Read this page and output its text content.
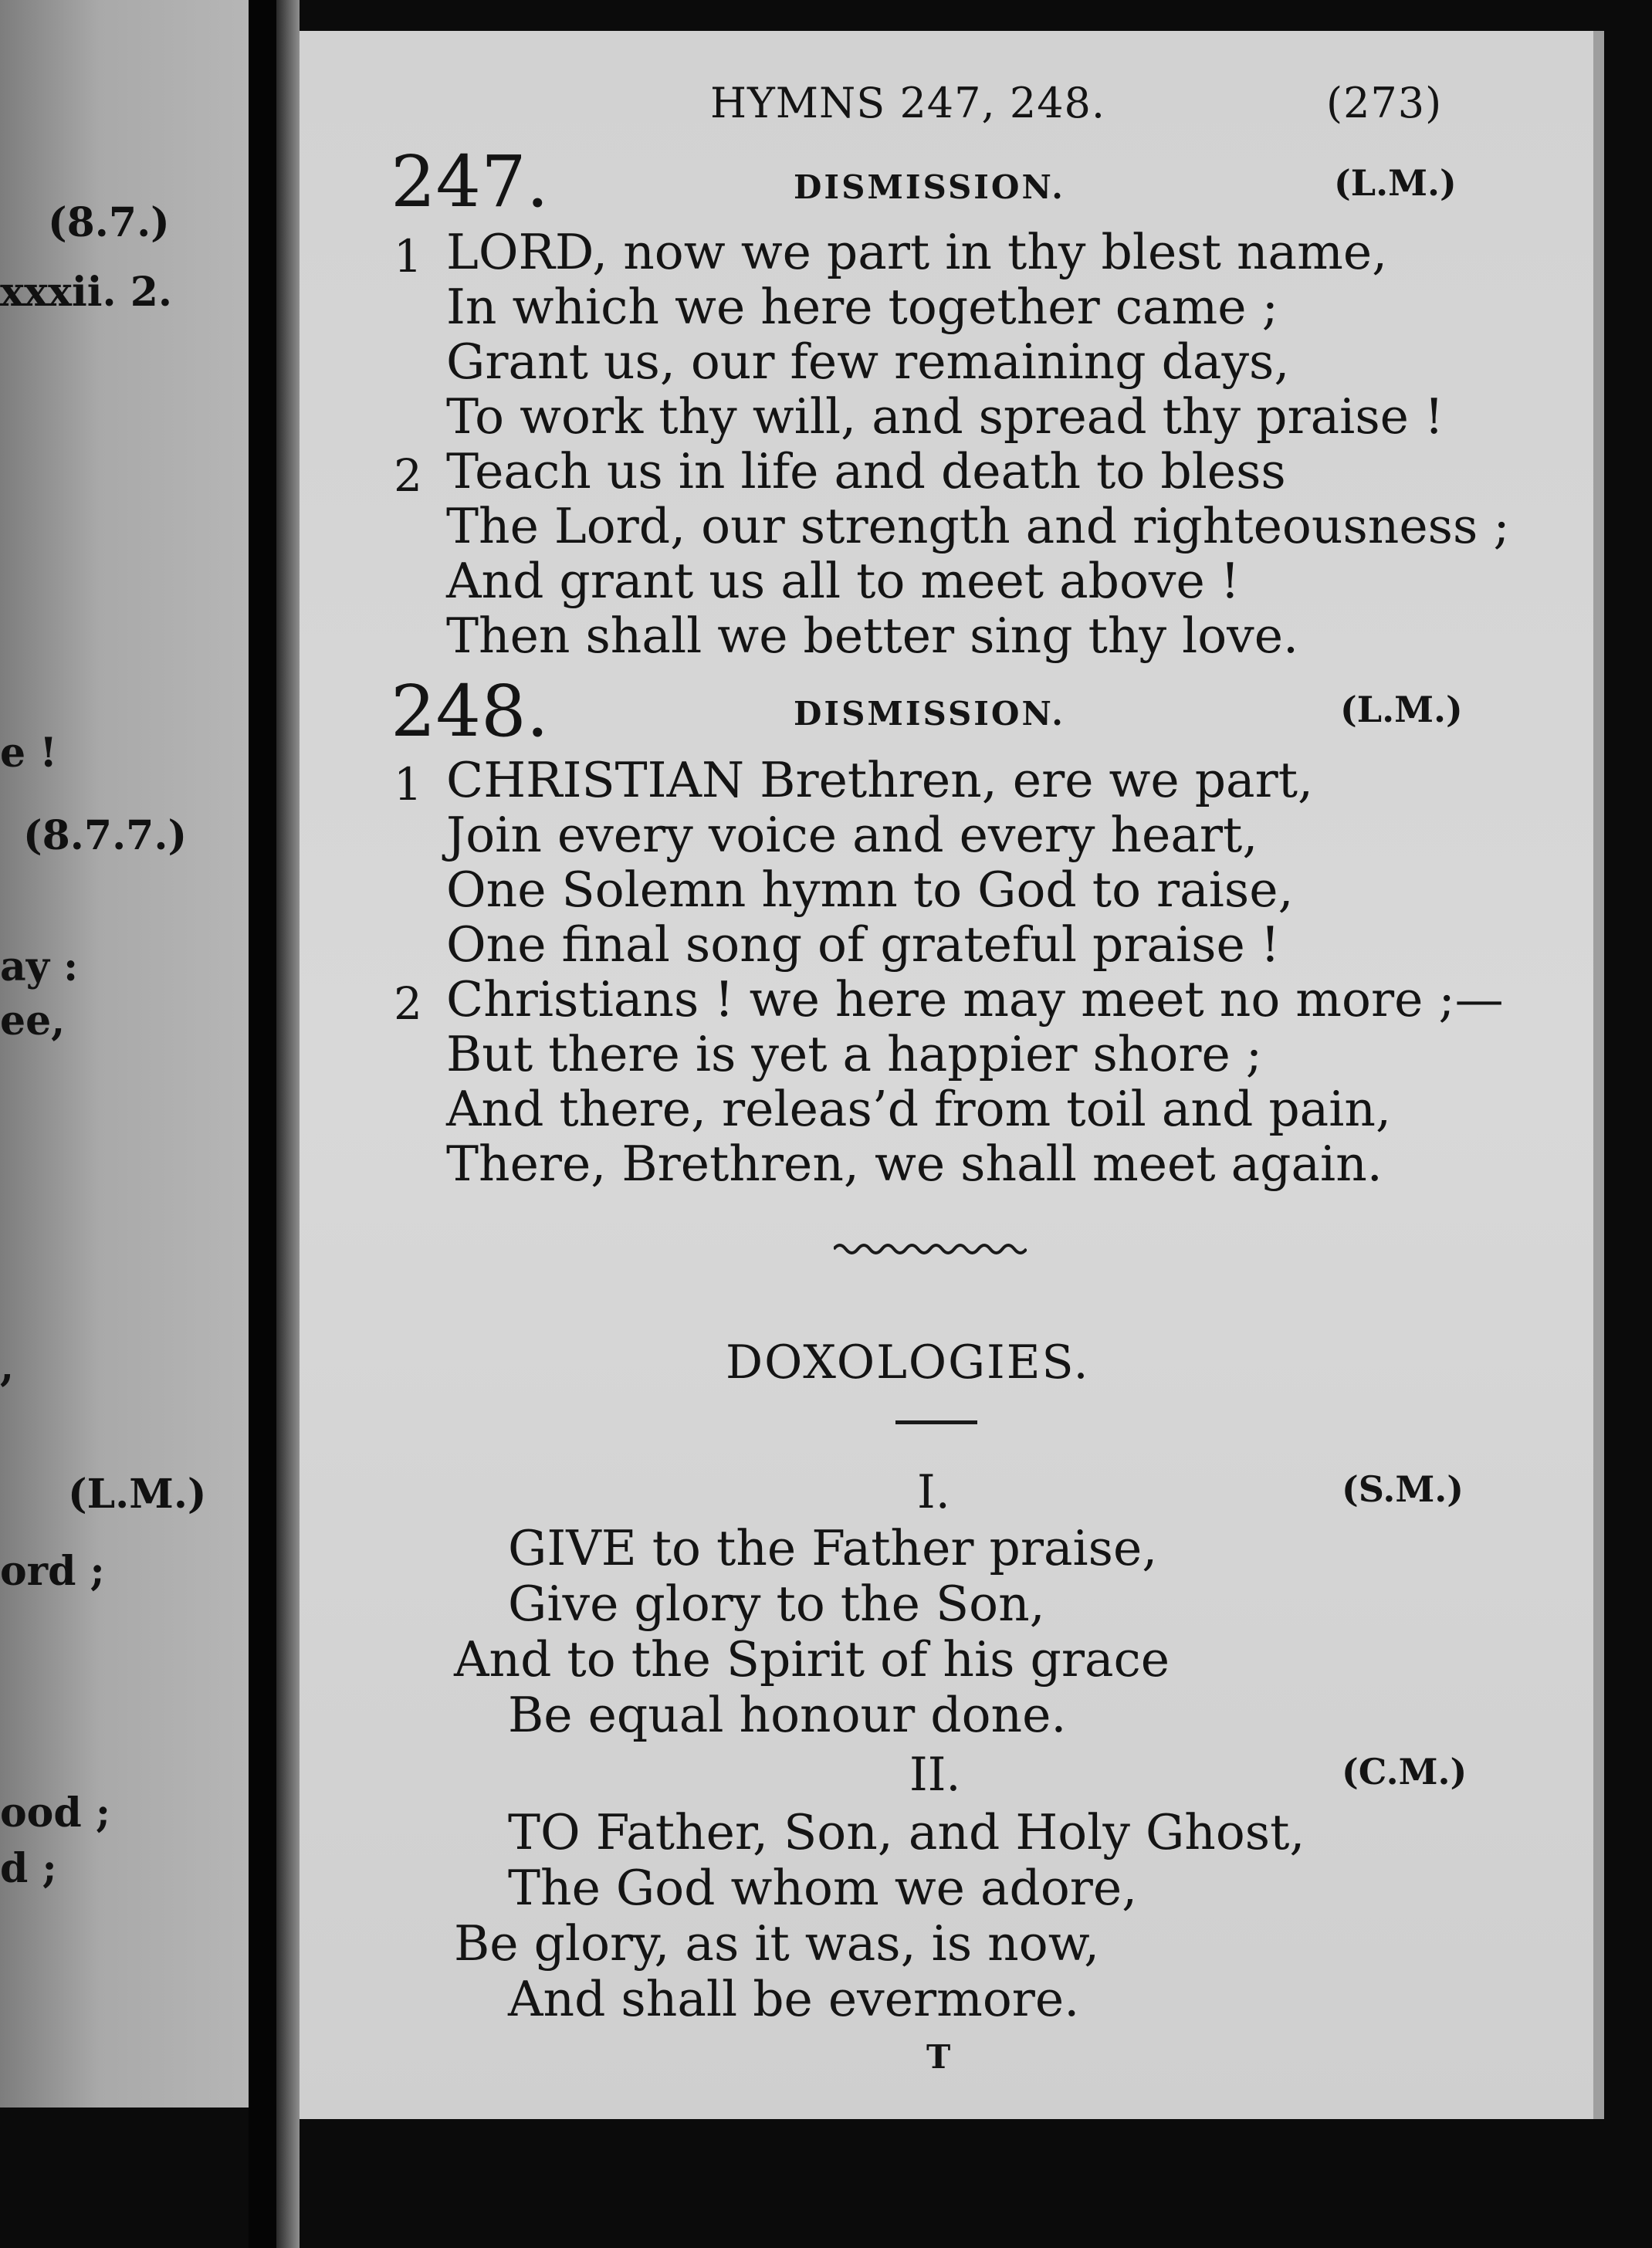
(8.7.)
xxxii. 2.
e !
(8.7.7.)
ay :
ee,
,
(L.M.)
ord ;
ood ;
d ;
HYMNS 247, 248.	(273)
247.	DISMISSION.	(L.M.)
1 LORD, now we part in thy blest name,
In which we here together came ;
Grant us, our few remaining days,
To work thy will, and spread thy praise !
2 Teach us in life and death to bless
The Lord, our strength and righteousness ;
And grant us all to meet above !
Then shall we better sing thy love.
248.	DISMISSION.	(L.M.)
1 CHRISTIAN Brethren, ere we part,
Join every voice and every heart,
One Solemn hymn to God to raise,
One final song of grateful praise !
2 Christians ! we here may meet no more ;—
But there is yet a happier shore ;
And there, releas’d from toil and pain,
There, Brethren, we shall meet again.
DOXOLOGIES.
I.	(S.M.)
GIVE to the Father praise,
Give glory to the Son,
And to the Spirit of his grace
Be equal honour done.
II.	(C.M.)
TO Father, Son, and Holy Ghost,
The God whom we adore,
Be glory, as it was, is now,
And shall be evermore.
T
